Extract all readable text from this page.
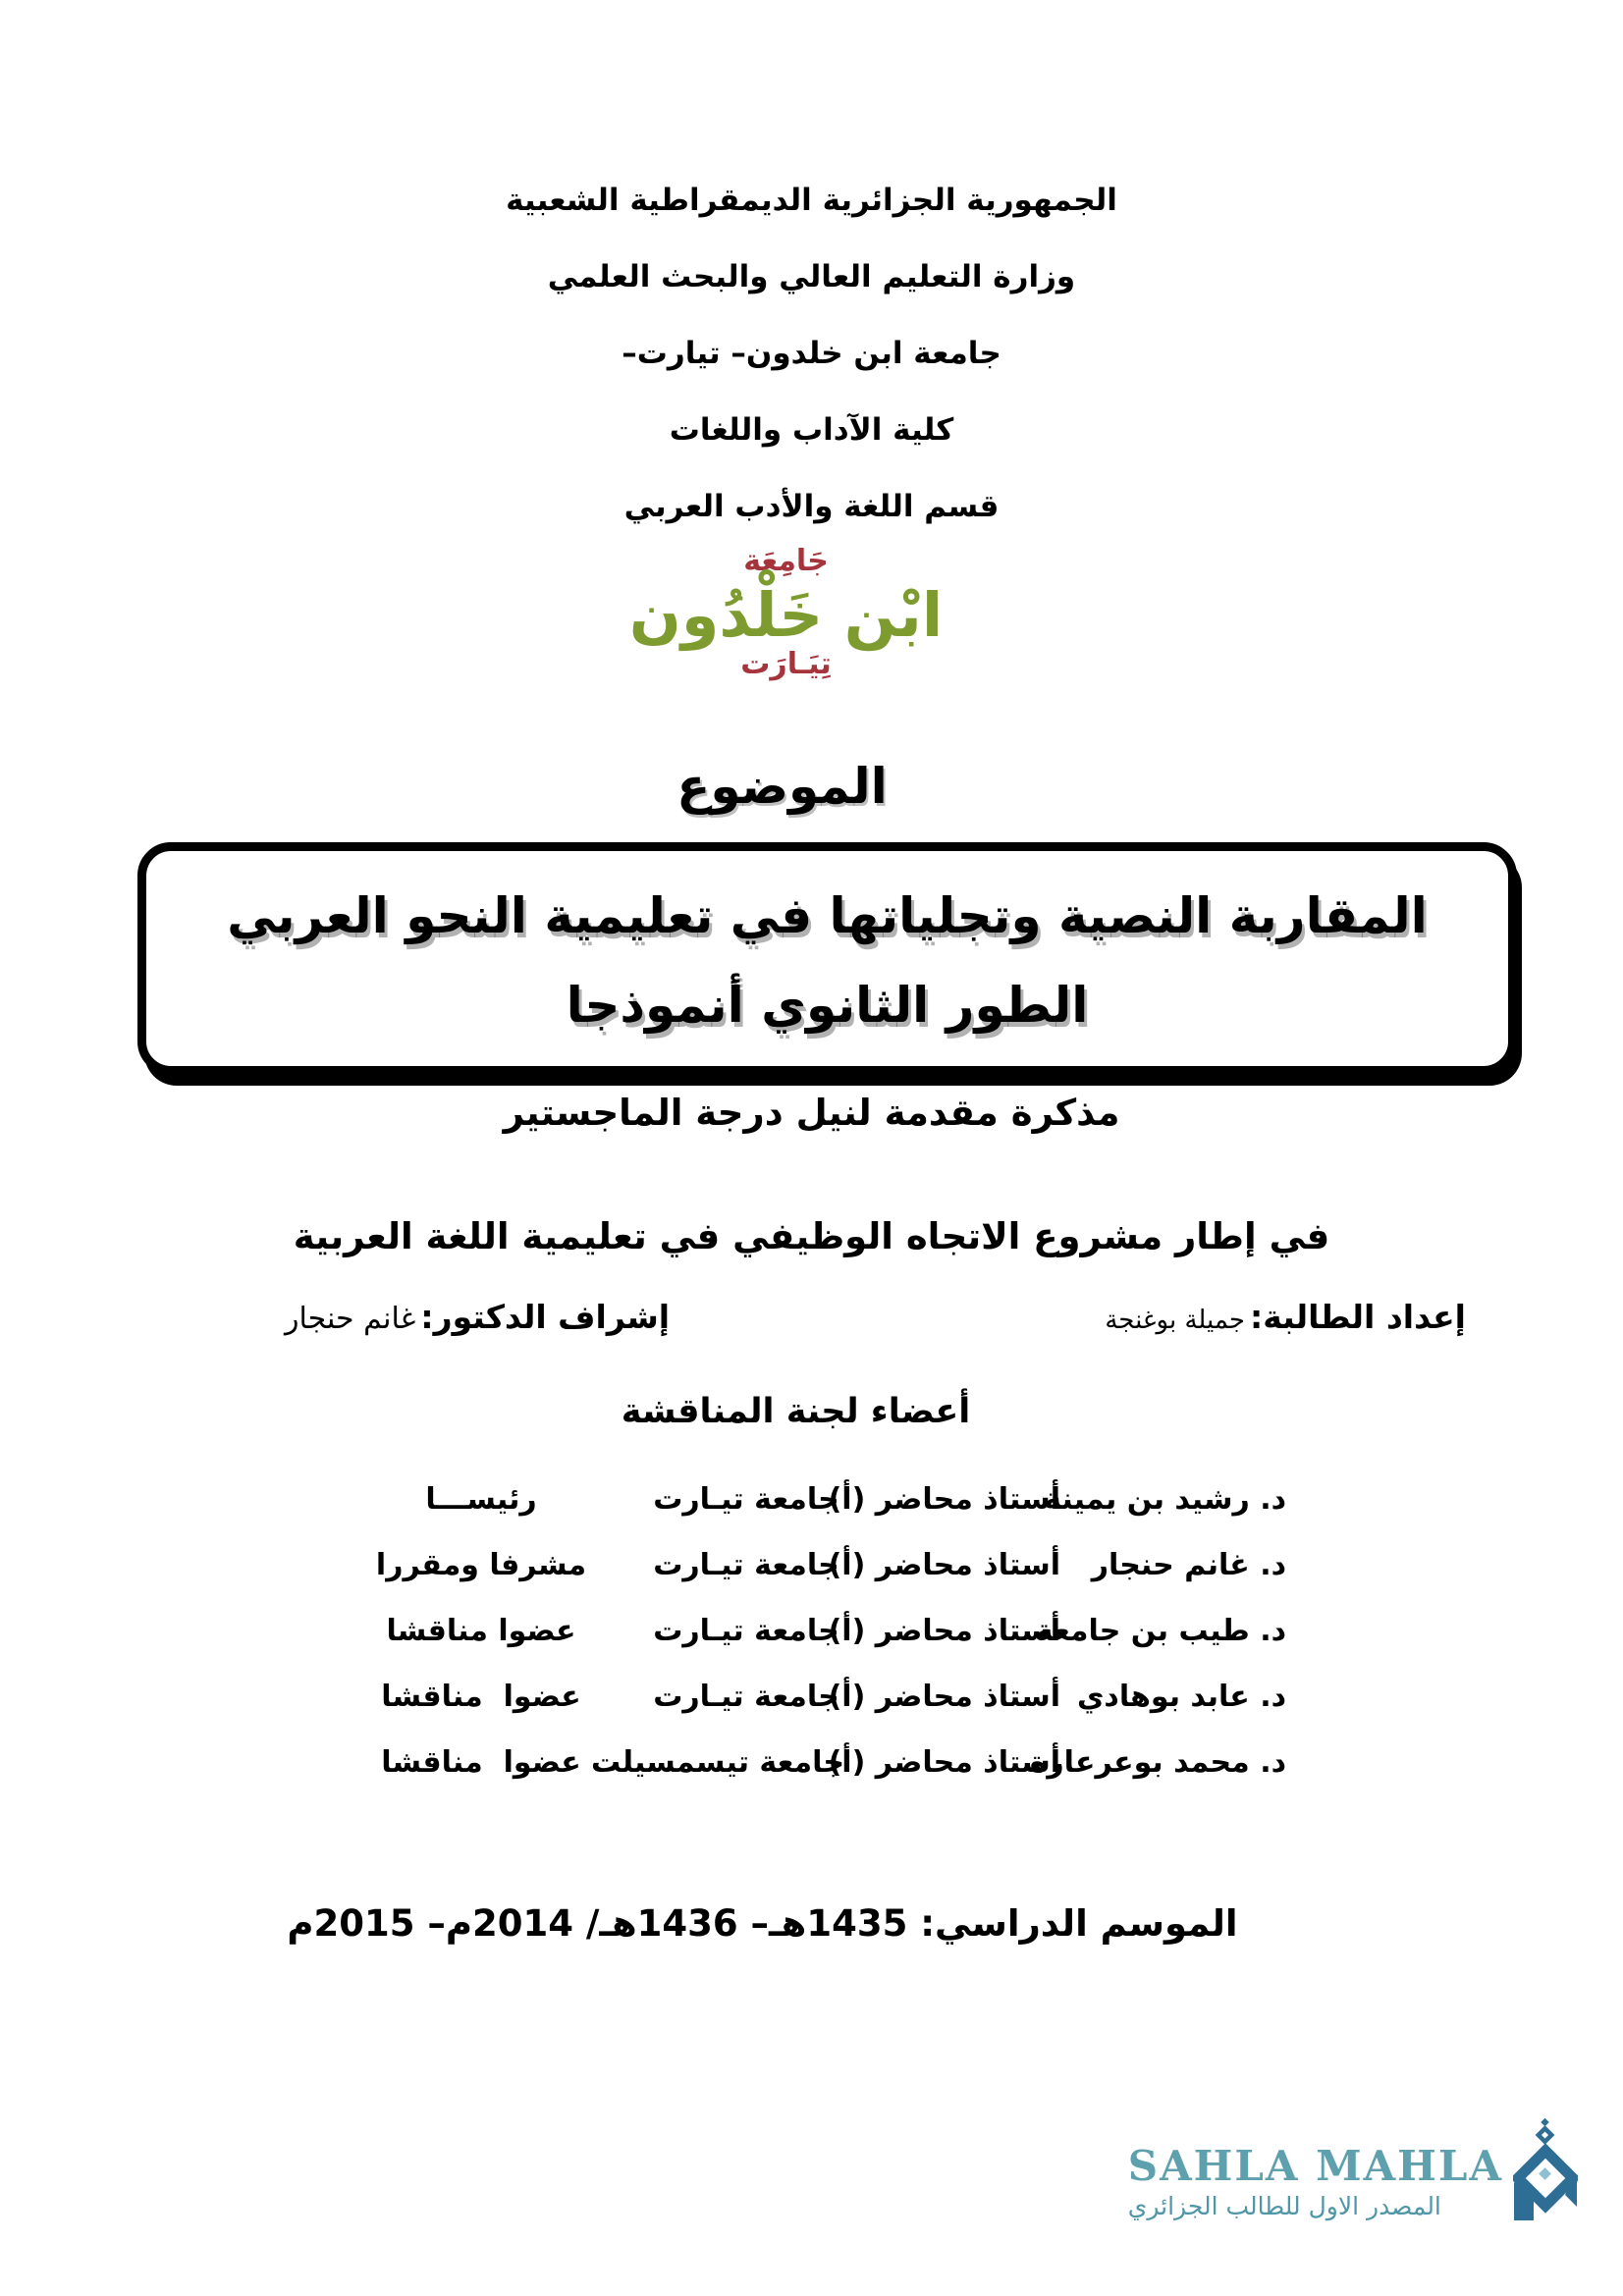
الجمهورية الجزائرية الديمقراطية الشعبية
وزارة التعليم العالي والبحث العلمي
جامعة ابن خلدون– تيارت–
كلية الآداب واللغات
قسم اللغة والأدب العربي
جَامِعَة
ابْن خَلْدُون
تِيَـارَت
الموضوع
المقاربة النصية وتجلياتها في تعليمية النحو العربي
الطور الثانوي أنموذجا
مذكرة مقدمة لنيل درجة الماجستير
في إطار مشروع الاتجاه الوظيفي في تعليمية اللغة العربية
إعداد الطالبة: جميلة بوغنجة
إشراف الدكتور: غانم حنجار
أعضاء لجنة المناقشة
د. رشيد بن يمينة
أستاذ محاضر (أ)
جامعة تيـارت
رئيســـا
د. غانم حنجار
أستاذ محاضر (أ)
جامعة تيـارت
مشرفا ومقررا
د. طيب بن جامعة
أستاذ محاضر (أ)
جامعة تيـارت
عضوا مناقشا
د. عابد بوهادي
أستاذ محاضر (أ)
جامعة تيـارت
عضوا  مناقشا
د. محمد بوعرعارة
أستاذ محاضر (أ)
جامعة تيسمسيلت
عضوا  مناقشا
الموسم الدراسي: 1435هـ– 1436هـ/ 2014م– 2015م
SAHLA MAHLA
المصدر الاول للطالب الجزائري
